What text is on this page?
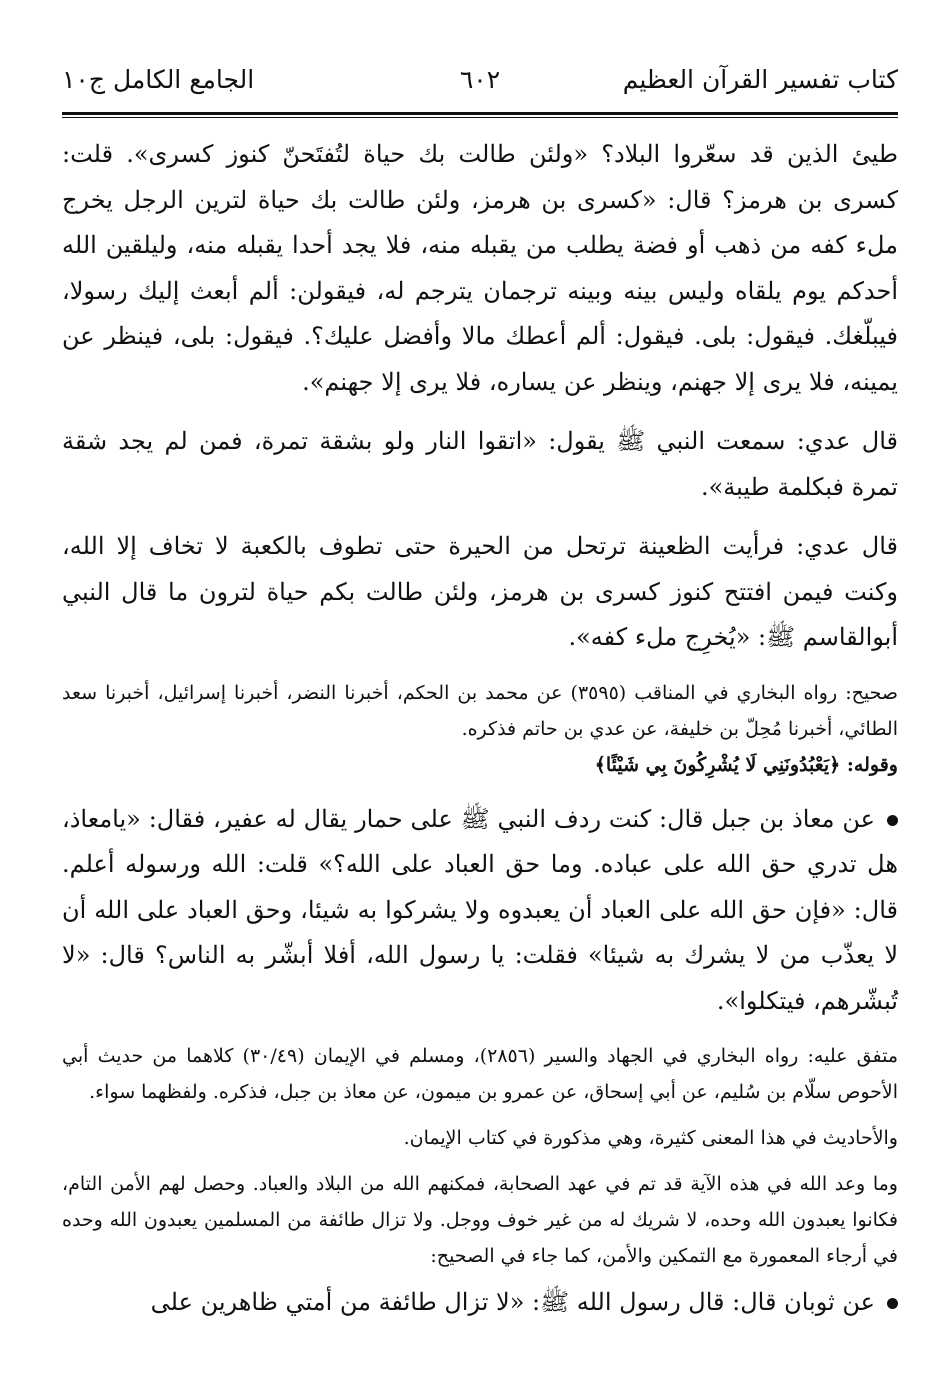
كتاب تفسير القرآن العظيم
٦٠٢
الجامع الكامل ج١٠

طيئ الذين قد سعّروا البلاد؟ «ولئن طالت بك حياة لتُفتَحنّ كنوز كسرى». قلت: كسرى بن هرمز؟ قال: «كسرى بن هرمز، ولئن طالت بك حياة لترين الرجل يخرج ملء كفه من ذهب أو فضة يطلب من يقبله منه، فلا يجد أحدا يقبله منه، وليلقين الله أحدكم يوم يلقاه وليس بينه وبينه ترجمان يترجم له، فيقولن: ألم أبعث إليك رسولا، فيبلّغك. فيقول: بلى. فيقول: ألم أعطك مالا وأفضل عليك؟. فيقول: بلى، فينظر عن يمينه، فلا يرى إلا جهنم، وينظر عن يساره، فلا يرى إلا جهنم».

قال عدي: سمعت النبي ﷺ يقول: «اتقوا النار ولو بشقة تمرة، فمن لم يجد شقة تمرة فبكلمة طيبة».

قال عدي: فرأيت الظعينة ترتحل من الحيرة حتى تطوف بالكعبة لا تخاف إلا الله، وكنت فيمن افتتح كنوز كسرى بن هرمز، ولئن طالت بكم حياة لترون ما قال النبي أبوالقاسم ﷺ: «يُخرِج ملء كفه».

صحيح: رواه البخاري في المناقب (٣٥٩٥) عن محمد بن الحكم، أخبرنا النضر، أخبرنا إسرائيل، أخبرنا سعد الطائي، أخبرنا مُحِلّ بن خليفة، عن عدي بن حاتم فذكره.

وقوله: ﴿يَعْبُدُونَنِي لَا يُشْرِكُونَ بِي شَيْئًا﴾

عن معاذ بن جبل قال: كنت ردف النبي ﷺ على حمار يقال له عفير، فقال: «يامعاذ، هل تدري حق الله على عباده. وما حق العباد على الله؟» قلت: الله ورسوله أعلم. قال: «فإن حق الله على العباد أن يعبدوه ولا يشركوا به شيئا، وحق العباد على الله أن لا يعذّب من لا يشرك به شيئا» فقلت: يا رسول الله، أفلا أبشّر به الناس؟ قال: «لا تُبشّرهم، فيتكلوا».

متفق عليه: رواه البخاري في الجهاد والسير (٢٨٥٦)، ومسلم في الإيمان (٣٠/٤٩) كلاهما من حديث أبي الأحوص سلّام بن سُليم، عن أبي إسحاق، عن عمرو بن ميمون، عن معاذ بن جبل، فذكره. ولفظهما سواء.

والأحاديث في هذا المعنى كثيرة، وهي مذكورة في كتاب الإيمان.

وما وعد الله في هذه الآية قد تم في عهد الصحابة، فمكنهم الله من البلاد والعباد. وحصل لهم الأمن التام، فكانوا يعبدون الله وحده، لا شريك له من غير خوف ووجل. ولا تزال طائفة من المسلمين يعبدون الله وحده في أرجاء المعمورة مع التمكين والأمن، كما جاء في الصحيح:

عن ثوبان قال: قال رسول الله ﷺ: «لا تزال طائفة من أمتي ظاهرين على
